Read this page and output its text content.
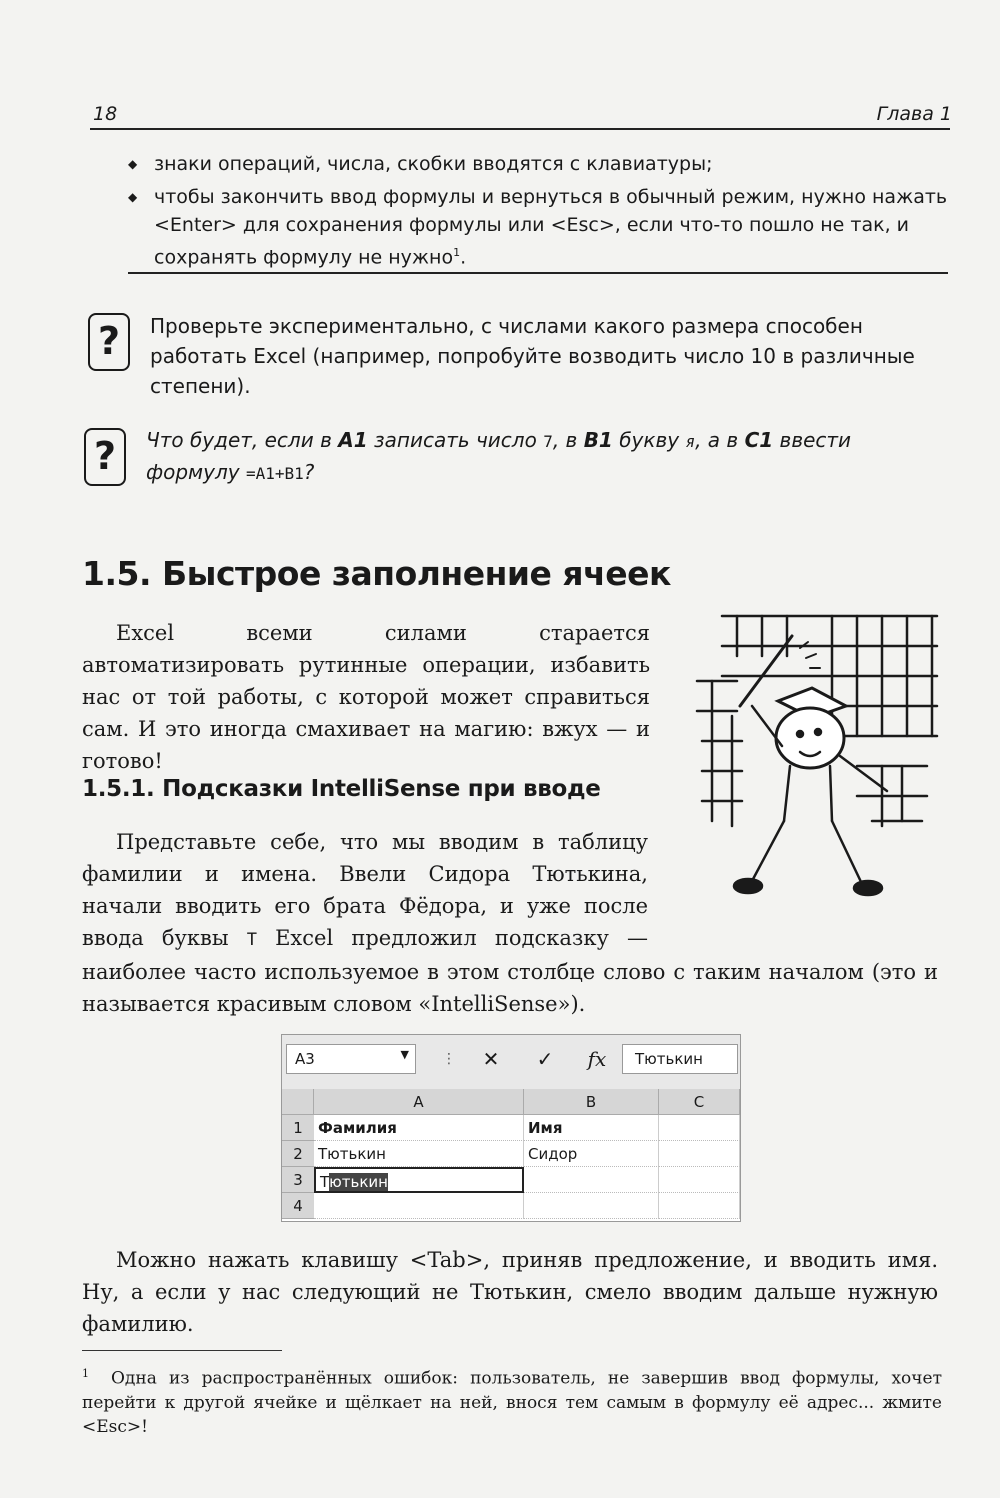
18	Глава 1
◆ знаки операций, числа, скобки вводятся с клавиатуры;
◆ чтобы закончить ввод формулы и вернуться в обычный режим, нужно нажать <Enter> для сохранения формулы или <Esc>, если что-то пошло не так, и сохранять формулу не нужно$^1$.
?	Проверьте экспериментально, с числами какого размера способен работать Excel (например, попробуйте возводить число 10 в различные степени).
?	Что будет, если в A1 записать число 7, в B1 букву я, а в C1 ввести формулу =A1+B1?
1.5. Быстрое заполнение ячеек
Excel всеми силами старается автоматизировать рутинные операции, избавить нас от той работы, с которой может справиться сам. И это иногда смахивает на магию: вжух — и готово!
1.5.1. Подсказки IntelliSense при вводе
Представьте себе, что мы вводим в таблицу фамилии и имена. Ввели Сидора Тютькина, начали вводить его брата Фёдора, и уже после ввода буквы Т Excel предложил подсказку — наиболее часто используемое в этом столбце слово с таким началом (это и называется красивым словом «IntelliSense»).
A3	▼ ⋮	✕	✓	fx	Тютькин
A	B	C
1	Фамилия	Имя
2	Тютькин	Сидор
3	Тютькин
4
Можно нажать клавишу <Tab>, приняв предложение, и вводить имя. Ну, а если у нас следующий не Тютькин, смело вводим дальше нужную фамилию.
$^1$ Одна из распространённых ошибок: пользователь, не завершив ввод формулы, хочет перейти к другой ячейке и щёлкает на ней, внося тем самым в формулу её адрес... жмите <Esc>!
